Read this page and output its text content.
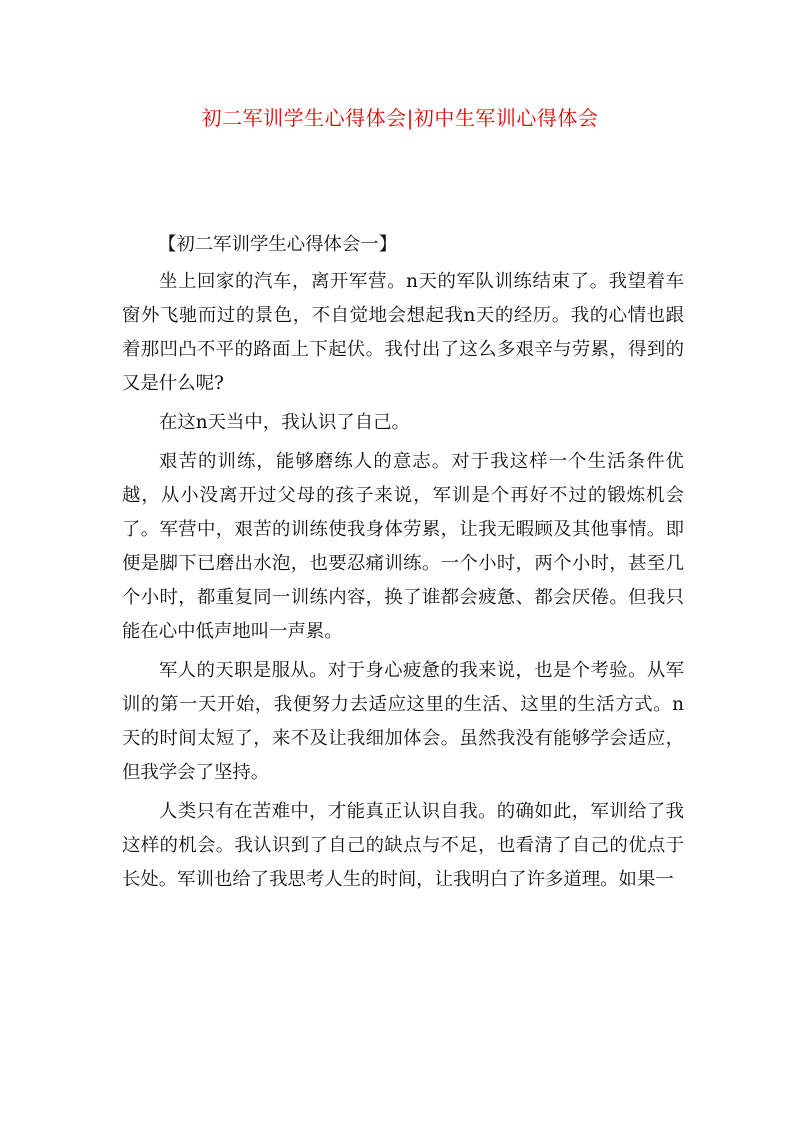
初二军训学生心得体会|初中生军训心得体会

【初二军训学生心得体会一】

坐上回家的汽车，离开军营。n天的军队训练结束了。我望着车窗外飞驰而过的景色，不自觉地会想起我n天的经历。我的心情也跟着那凹凸不平的路面上下起伏。我付出了这么多艰辛与劳累，得到的又是什么呢?

在这n天当中，我认识了自己。

艰苦的训练，能够磨练人的意志。对于我这样一个生活条件优越，从小没离开过父母的孩子来说，军训是个再好不过的锻炼机会了。军营中，艰苦的训练使我身体劳累，让我无暇顾及其他事情。即便是脚下已磨出水泡，也要忍痛训练。一个小时，两个小时，甚至几个小时，都重复同一训练内容，换了谁都会疲惫、都会厌倦。但我只能在心中低声地叫一声累。

军人的天职是服从。对于身心疲惫的我来说，也是个考验。从军训的第一天开始，我便努力去适应这里的生活、这里的生活方式。n天的时间太短了，来不及让我细加体会。虽然我没有能够学会适应，但我学会了坚持。

人类只有在苦难中，才能真正认识自我。的确如此，军训给了我这样的机会。我认识到了自己的缺点与不足，也看清了自己的优点于长处。军训也给了我思考人生的时间，让我明白了许多道理。如果一
